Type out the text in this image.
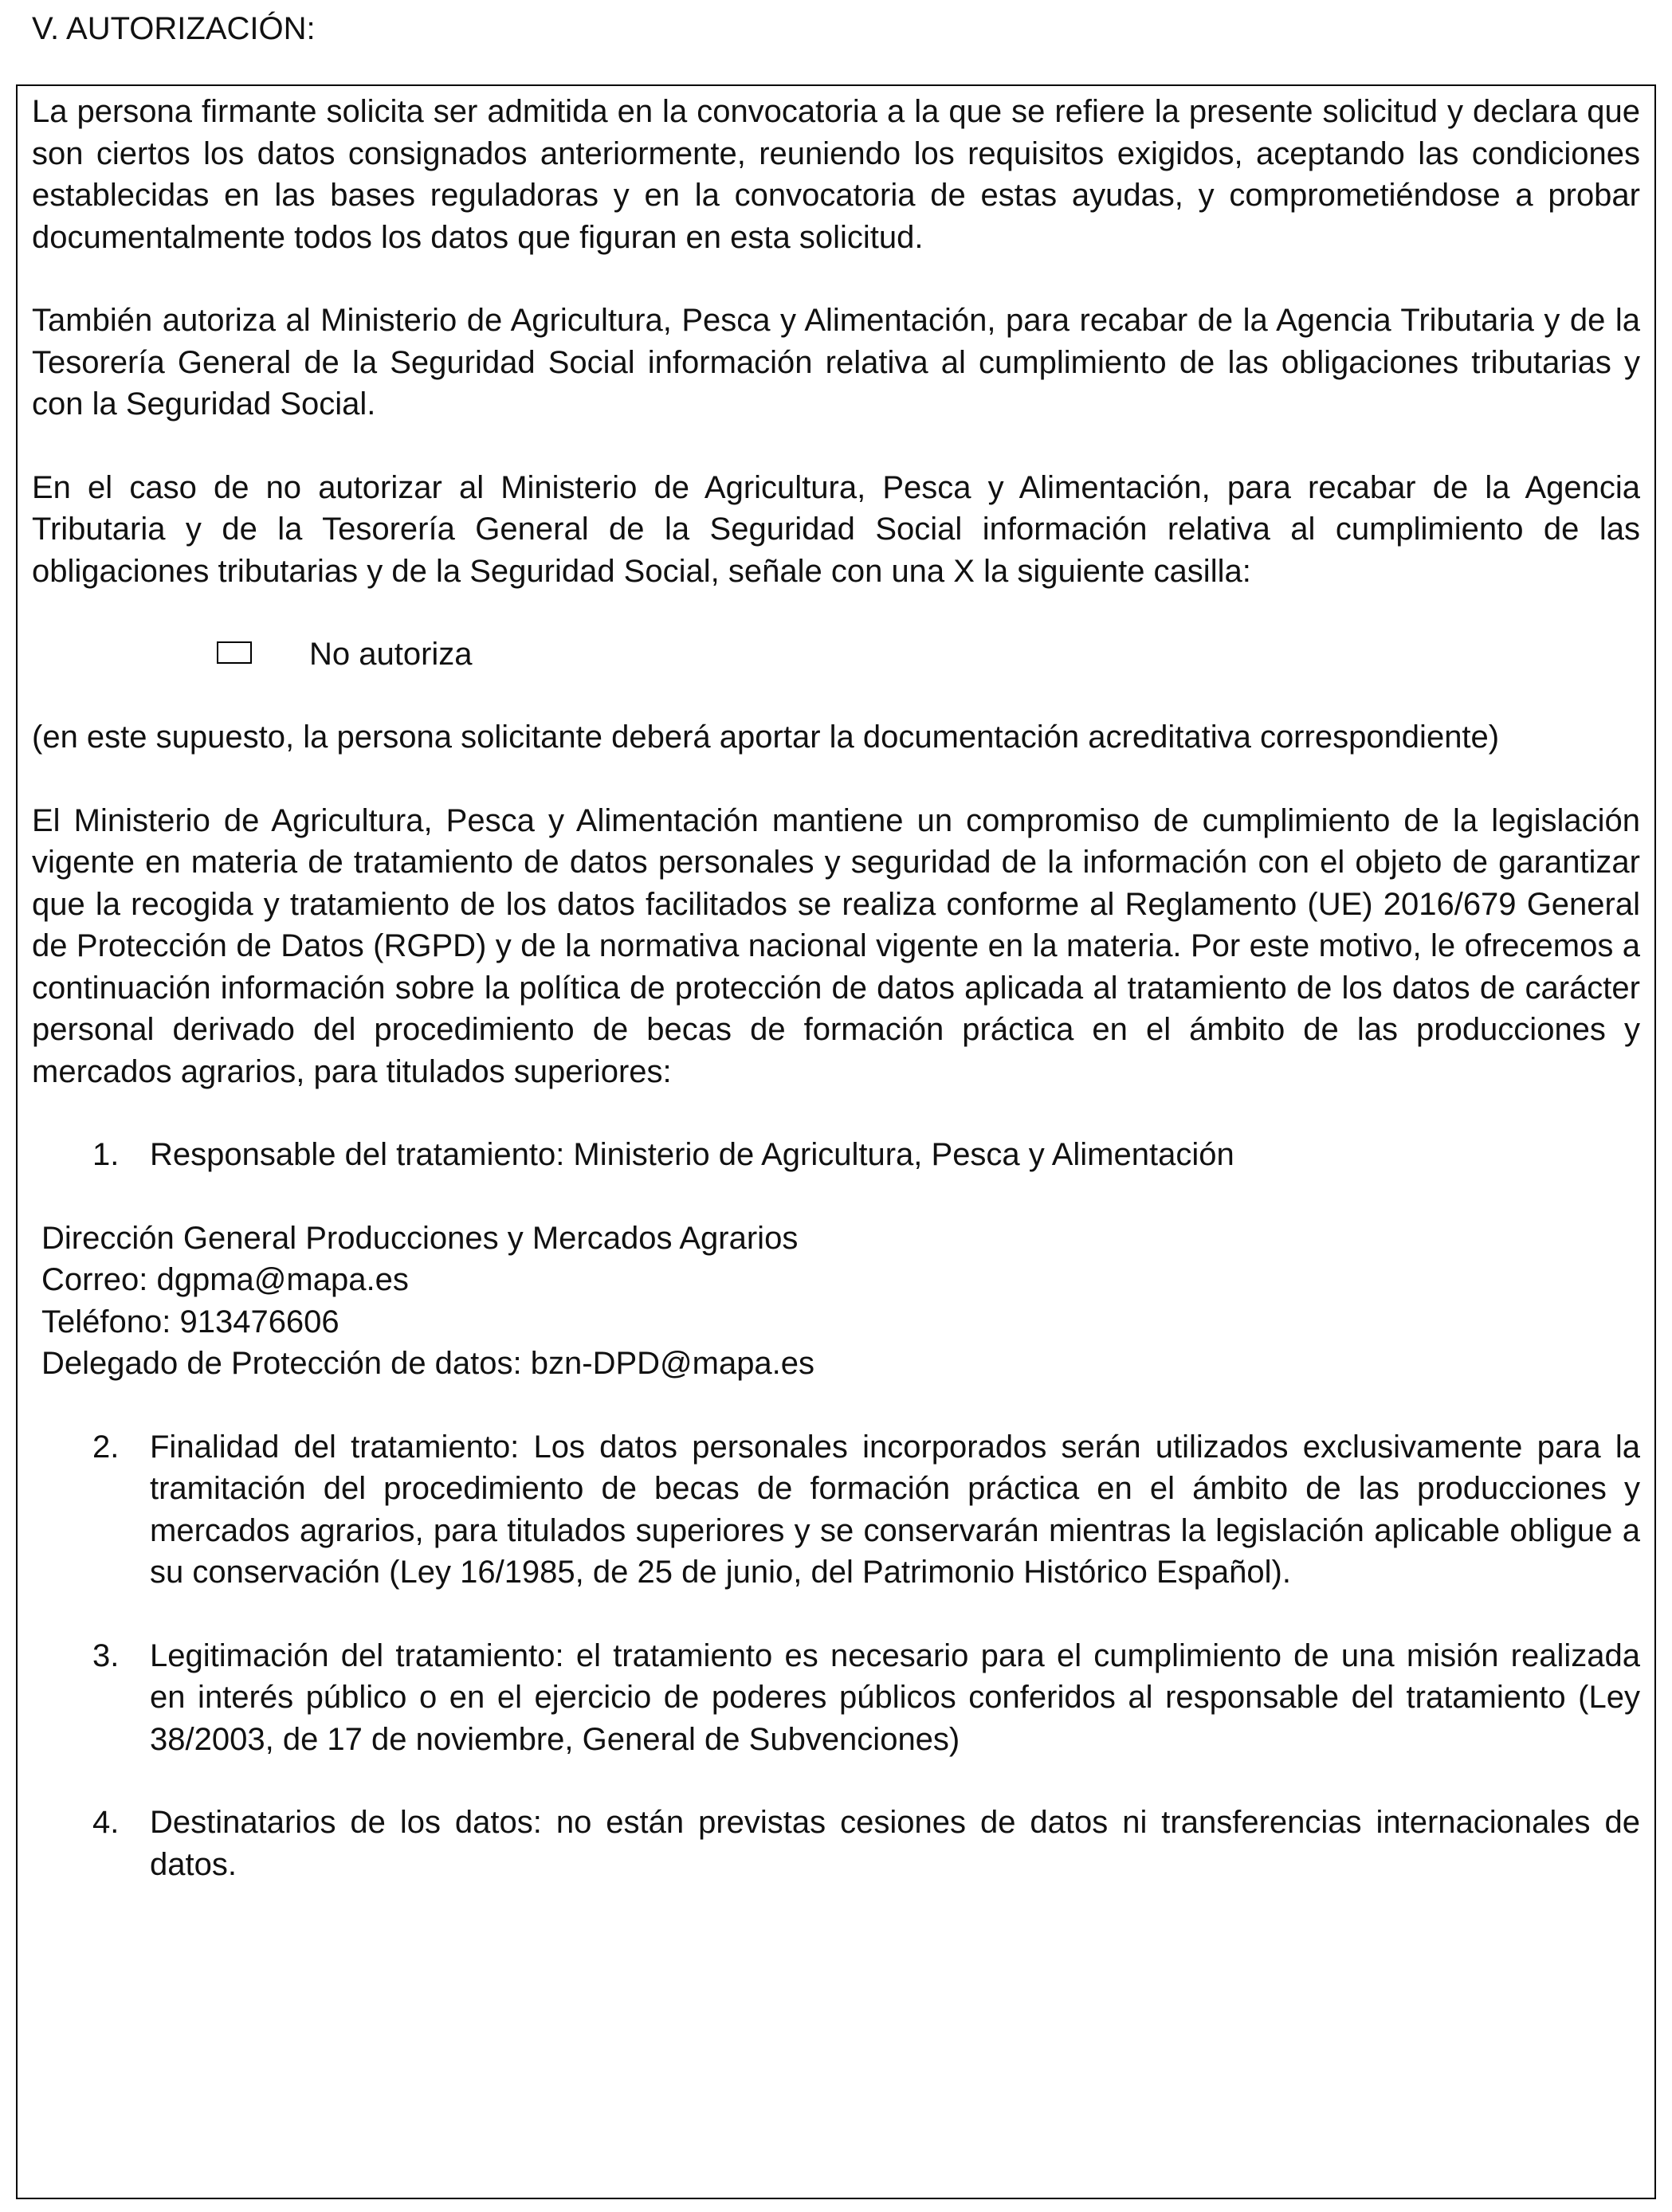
V. AUTORIZACIÓN:

La persona firmante solicita ser admitida en la convocatoria a la que se refiere la presente solicitud y declara que son ciertos los datos consignados anteriormente, reuniendo los requisitos exigidos, aceptando las condiciones establecidas en las bases reguladoras y en la convocatoria de estas ayudas, y comprometiéndose a probar documentalmente todos los datos que figuran en esta solicitud.

También autoriza al Ministerio de Agricultura, Pesca y Alimentación, para recabar de la Agencia Tributaria y de la Tesorería General de la Seguridad Social información relativa al cumplimiento de las obligaciones tributarias y con la Seguridad Social.

En el caso de no autorizar al Ministerio de Agricultura, Pesca y Alimentación, para recabar de la Agencia Tributaria y de la Tesorería General de la Seguridad Social información relativa al cumplimiento de las obligaciones tributarias y de la Seguridad Social, señale con una X la siguiente casilla:

No autoriza

(en este supuesto, la persona solicitante deberá aportar la documentación acreditativa correspondiente)

El Ministerio de Agricultura, Pesca y Alimentación mantiene un compromiso de cumplimiento de la legislación vigente en materia de tratamiento de datos personales y seguridad de la información con el objeto de garantizar que la recogida y tratamiento de los datos facilitados se realiza conforme al Reglamento (UE) 2016/679 General de Protección de Datos (RGPD) y de la normativa nacional vigente en la materia. Por este motivo, le ofrecemos a continuación información sobre la política de protección de datos aplicada al tratamiento de los datos de carácter personal derivado del procedimiento de becas de formación práctica en el ámbito de las producciones y mercados agrarios, para titulados superiores:

1. Responsable del tratamiento: Ministerio de Agricultura, Pesca y Alimentación
Dirección General Producciones y Mercados Agrarios
Correo: dgpma@mapa.es
Teléfono: 913476606
Delegado de Protección de datos: bzn-DPD@mapa.es
2. Finalidad del tratamiento: Los datos personales incorporados serán utilizados exclusivamente para la tramitación del procedimiento de becas de formación práctica en el ámbito de las producciones y mercados agrarios, para titulados superiores y se conservarán mientras la legislación aplicable obligue a su conservación (Ley 16/1985, de 25 de junio, del Patrimonio Histórico Español).
3. Legitimación del tratamiento: el tratamiento es necesario para el cumplimiento de una misión realizada en interés público o en el ejercicio de poderes públicos conferidos al responsable del tratamiento (Ley 38/2003, de 17 de noviembre, General de Subvenciones)
4. Destinatarios de los datos: no están previstas cesiones de datos ni transferencias internacionales de datos.
